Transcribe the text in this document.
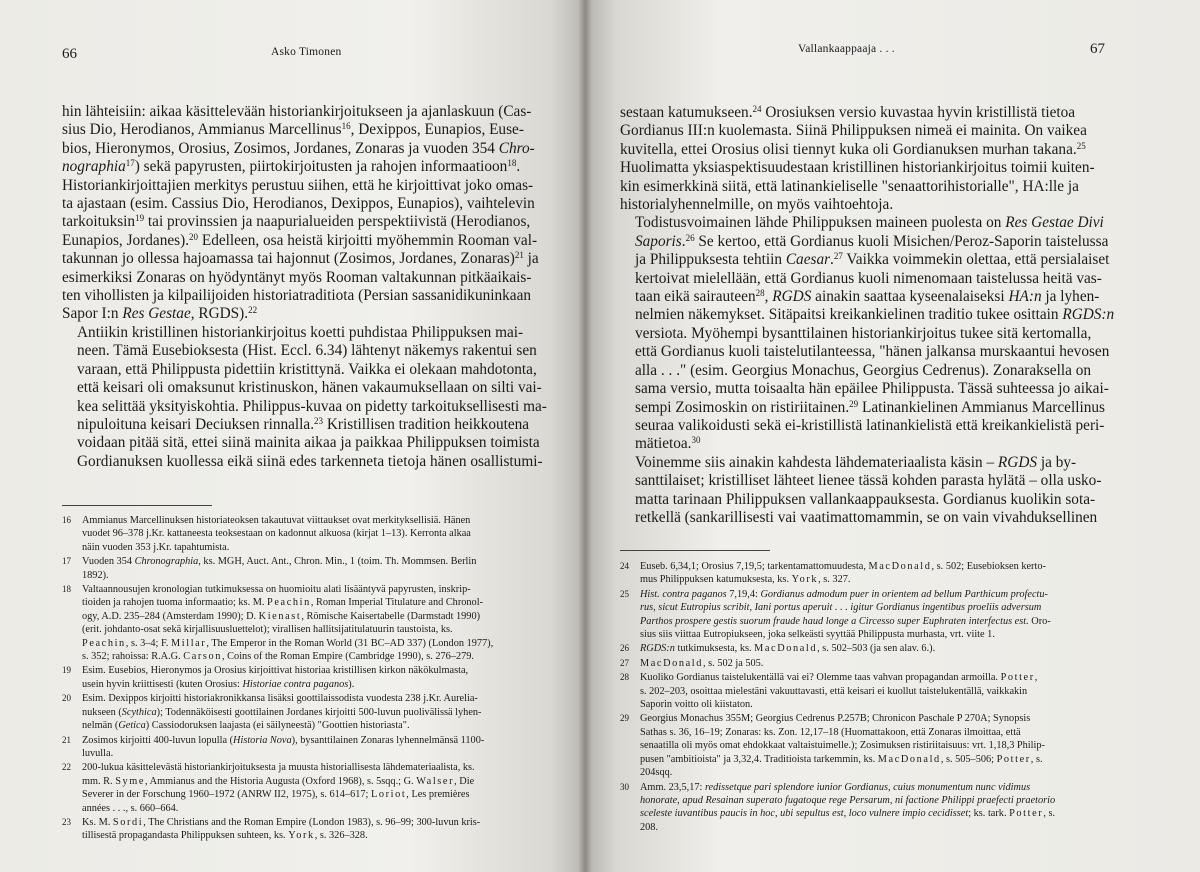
66	Asko Timonen

hin lähteisiin: aikaa käsittelevään historiankirjoitukseen ja ajanlaskuun (Cas-
sius Dio, Herodianos, Ammianus Marcellinus$^{16}$, Dexippos, Eunapios, Euse-
bios, Hieronymos, Orosius, Zosimos, Jordanes, Zonaras ja vuoden 354 Chro-
nographia$^{17}$) sekä papyrusten, piirtokirjoitusten ja rahojen informaatioon$^{18}$.
Historiankirjoittajien merkitys perustuu siihen, että he kirjoittivat joko omas-
ta ajastaan (esim. Cassius Dio, Herodianos, Dexippos, Eunapios), vaihtelevin
tarkoituksin$^{19}$ tai provinssien ja naapurialueiden perspektiivistä (Herodianos,
Eunapios, Jordanes).$^{20}$ Edelleen, osa heistä kirjoitti myöhemmin Rooman val-
takunnan jo ollessa hajoamassa tai hajonnut (Zosimos, Jordanes, Zonaras)$^{21}$ ja
esimerkiksi Zonaras on hyödyntänyt myös Rooman valtakunnan pitkäaikais-
ten vihollisten ja kilpailijoiden historiatraditiota (Persian sassanidikuninkaan
Sapor I:n Res Gestae, RGDS).$^{22}$

Antiikin kristillinen historiankirjoitus koetti puhdistaa Philippuksen mai-
neen. Tämä Eusebioksesta (Hist. Eccl. 6.34) lähtenyt näkemys rakentui sen
varaan, että Philippusta pidettiin kristittynä. Vaikka ei olekaan mahdotonta,
että keisari oli omaksunut kristinuskon, hänen vakaumuksellaan on silti vai-
kea selittää yksityiskohtia. Philippus-kuvaa on pidetty tarkoituksellisesti ma-
nipuloituna keisari Deciuksen rinnalla.$^{23}$ Kristillisen tradition heikkoutena
voidaan pitää sitä, ettei siinä mainita aikaa ja paikkaa Philippuksen toimista
Gordianuksen kuollessa eikä siinä edes tarkenneta tietoja hänen osallistumi-

16 Ammianus Marcellinuksen historiateoksen takautuvat viittaukset ovat merkityksellisiä. Hänen
vuodet 96–378 j.Kr. kattaneesta teoksestaan on kadonnut alkuosa (kirjat 1–13). Kerronta alkaa
näin vuoden 353 j.Kr. tapahtumista.
17 Vuoden 354 Chronographia, ks. MGH, Auct. Ant., Chron. Min., 1 (toim. Th. Mommsen. Berlin
1892).
18 Valtaannousujen kronologian tutkimuksessa on huomioitu alati lisääntyvä papyrusten, inskrip-
tioiden ja rahojen tuoma informaatio; ks. M. Peachin, Roman Imperial Titulature and Chronol-
ogy, A.D. 235–284 (Amsterdam 1990); D. Kienast, Römische Kaisertabelle (Darmstadt 1990)
(erit. johdanto-osat sekä kirjallisuusluettelot); virallisen hallitsijatitulatuurin taustoista, ks.
Peachin, s. 3–4; F. Millar, The Emperor in the Roman World (31 BC–AD 337) (London 1977),
s. 352; rahoissa: R.A.G. Carson, Coins of the Roman Empire (Cambridge 1990), s. 276–279.
19 Esim. Eusebios, Hieronymos ja Orosius kirjoittivat historiaa kristillisen kirkon näkökulmasta,
usein hyvin kriittisesti (kuten Orosius: Historiae contra paganos).
20 Esim. Dexippos kirjoitti historiakronikkansa lisäksi goottilaissodista vuodesta 238 j.Kr. Aurelia-
nukseen (Scythica); Todennäköisesti goottilainen Jordanes kirjoitti 500-luvun puolivälissä lyhen-
nelmän (Getica) Cassiodoruksen laajasta (ei säilyneestä) "Goottien historiasta".
21 Zosimos kirjoitti 400-luvun lopulla (Historia Nova), bysanttilainen Zonaras lyhennelmänsä 1100-
luvulla.
22 200-lukua käsittelevästä historiankirjoituksesta ja muusta historiallisesta lähdemateriaalista, ks.
mm. R. Syme, Ammianus and the Historia Augusta (Oxford 1968), s. 5sqq.; G. Walser, Die
Severer in der Forschung 1960–1972 (ANRW II2, 1975), s. 614–617; Loriot, Les premières
années . . ., s. 660–664.
23 Ks. M. Sordi, The Christians and the Roman Empire (London 1983), s. 96–99; 300-luvun kris-
tillisestä propagandasta Philippuksen suhteen, ks. York, s. 326–328.
Vallankaappaaja . . .	67

sestaan katumukseen.$^{24}$ Orosiuksen versio kuvastaa hyvin kristillistä tietoa
Gordianus III:n kuolemasta. Siinä Philippuksen nimeä ei mainita. On vaikea
kuvitella, ettei Orosius olisi tiennyt kuka oli Gordianuksen murhan takana.$^{25}$
Huolimatta yksiaspektisuudestaan kristillinen historiankirjoitus toimii kuiten-
kin esimerkkinä siitä, että latinankieliselle "senaattorihistorialle", HA:lle ja
historialyhennelmille, on myös vaihtoehtoja.

Todistusvoimainen lähde Philippuksen maineen puolesta on Res Gestae Divi
Saporis.$^{26}$ Se kertoo, että Gordianus kuoli Misichen/Peroz-Saporin taistelussa
ja Philippuksesta tehtiin Caesar.$^{27}$ Vaikka voimmekin olettaa, että persialaiset
kertoivat mielellään, että Gordianus kuoli nimenomaan taistelussa heitä vas-
taan eikä sairauteen$^{28}$, RGDS ainakin saattaa kyseenalaiseksi HA:n ja lyhen-
nelmien näkemykset. Sitäpaitsi kreikankielinen traditio tukee osittain RGDS:n
versiota. Myöhempi bysanttilainen historiankirjoitus tukee sitä kertomalla,
että Gordianus kuoli taistelutilanteessa, "hänen jalkansa murskaantui hevosen
alla . . ." (esim. Georgius Monachus, Georgius Cedrenus). Zonaraksella on
sama versio, mutta toisaalta hän epäilee Philippusta. Tässä suhteessa jo aikai-
sempi Zosimoskin on ristiriitainen.$^{29}$ Latinankielinen Ammianus Marcellinus
seuraa valikoidusti sekä ei-kristillistä latinankielistä että kreikankielistä peri-
mätietoa.$^{30}$

Voinemme siis ainakin kahdesta lähdemateriaalista käsin – RGDS ja by-
santtilaiset; kristilliset lähteet lienee tässä kohden parasta hylätä – olla usko-
matta tarinaan Philippuksen vallankaappauksesta. Gordianus kuolikin sota-
retkellä (sankarillisesti vai vaatimattomammin, se on vain vivahduksellinen

24 Euseb. 6,34,1; Orosius 7,19,5; tarkentamattomuudesta, MacDonald, s. 502; Eusebioksen kerto-
mus Philippuksen katumuksesta, ks. York, s. 327.
25 Hist. contra paganos 7,19,4: Gordianus admodum puer in orientem ad bellum Parthicum profectu-
rus, sicut Eutropius scribit, Iani portus aperuit . . . igitur Gordianus ingentibus proeliis adversum
Parthos prospere gestis suorum fraude haud longe a Circesso super Euphraten interfectus est. Oro-
sius siis viittaa Eutropiukseen, joka selkeästi syyttää Philippusta murhasta, vrt. viite 1.
26 RGDS:n tutkimuksesta, ks. MacDonald, s. 502–503 (ja sen alav. 6.).
27 MacDonald, s. 502 ja 505.
28 Kuoliko Gordianus taistelukentällä vai ei? Olemme taas vahvan propagandan armoilla. Potter,
s. 202–203, osoittaa mielestäni vakuuttavasti, että keisari ei kuollut taistelukentällä, vaikkakin
Saporin voitto oli kiistaton.
29 Georgius Monachus 355M; Georgius Cedrenus P.257B; Chronicon Paschale P 270A; Synopsis
Sathas s. 36, 16–19; Zonaras: ks. Zon. 12,17–18 (Huomattakoon, että Zonaras ilmoittaa, että
senaatilla oli myös omat ehdokkaat valtaistuimelle.); Zosimuksen ristiriitaisuus: vrt. 1,18,3 Philip-
pusen "ambitioista" ja 3,32,4. Traditioista tarkemmin, ks. MacDonald, s. 505–506; Potter, s.
204sqq.
30 Amm. 23,5,17: redissetque pari splendore iunior Gordianus, cuius monumentum nunc vidimus
honorate, apud Resainan superato fugatoque rege Persarum, ni factione Philippi praefecti praetorio
sceleste iuvantibus paucis in hoc, ubi sepultus est, loco vulnere impio cecidisset; ks. tark. Potter, s.
208.
